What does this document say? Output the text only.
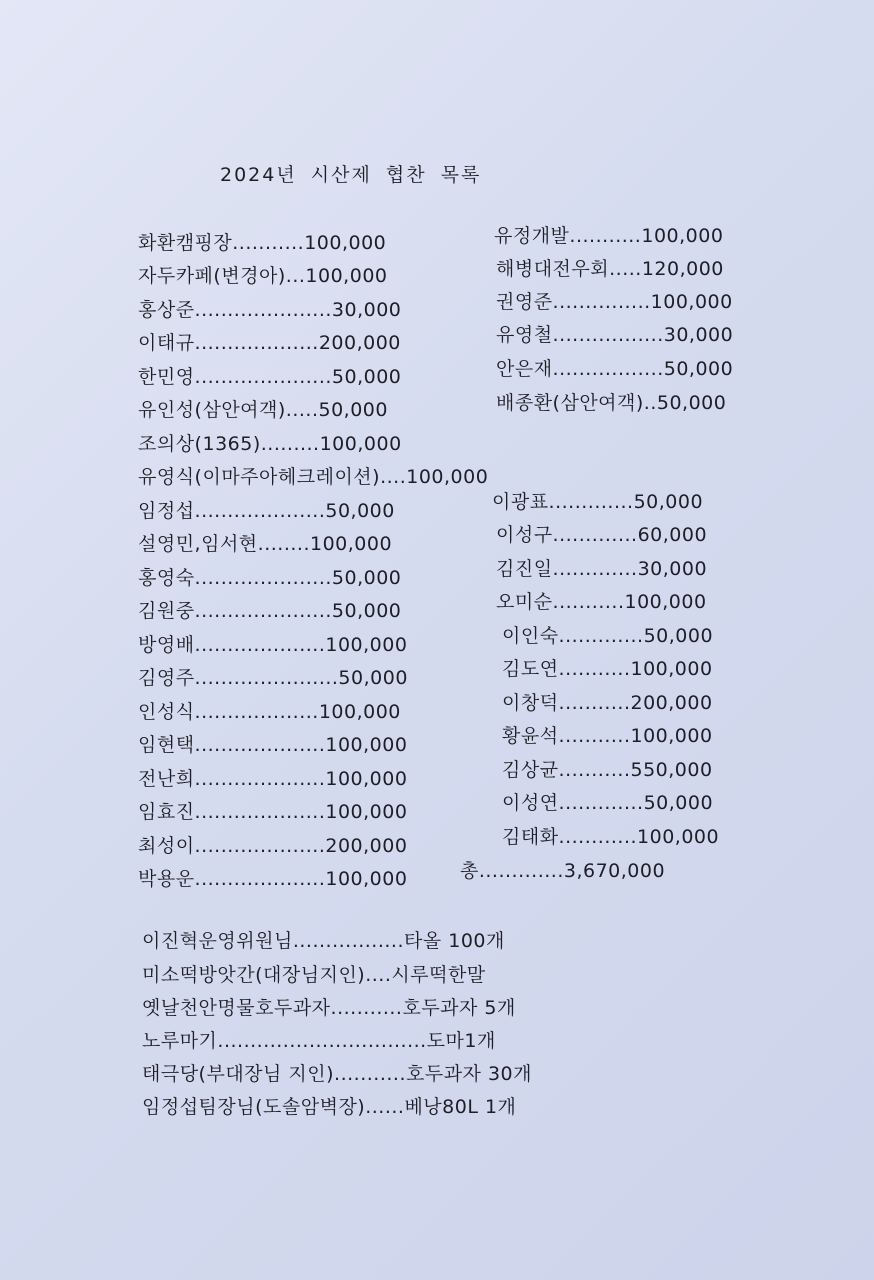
2024년 시산제 협찬 목록
화환캠핑장...........100,000
자두카페(변경아)...100,000
홍상준.....................30,000
이태규...................200,000
한민영.....................50,000
유인성(삼안여객).....50,000
조의상(1365).........100,000
유영식(이마주아헤크레이션)....100,000
임정섭....................50,000
설영민,임서현........100,000
홍영숙.....................50,000
김원중.....................50,000
방영배....................100,000
김영주......................50,000
인성식...................100,000
임현택....................100,000
전난희....................100,000
임효진....................100,000
최성이....................200,000
박용운....................100,000
유정개발...........100,000
해병대전우회.....120,000
권영준...............100,000
유영철.................30,000
안은재.................50,000
배종환(삼안여객)..50,000
이광표.............50,000
이성구.............60,000
김진일.............30,000
오미순...........100,000
이인숙.............50,000
김도연...........100,000
이창덕...........200,000
황윤석...........100,000
김상균...........550,000
이성연.............50,000
김태화............100,000
총.............3,670,000
이진혁운영위원님.................타올 100개
미소떡방앗간(대장님지인)....시루떡한말
옛날천안명물호두과자...........호두과자 5개
노루마기................................도마1개
태극당(부대장님 지인)...........호두과자 30개
임정섭팀장님(도솔암벽장)......베낭80L 1개
